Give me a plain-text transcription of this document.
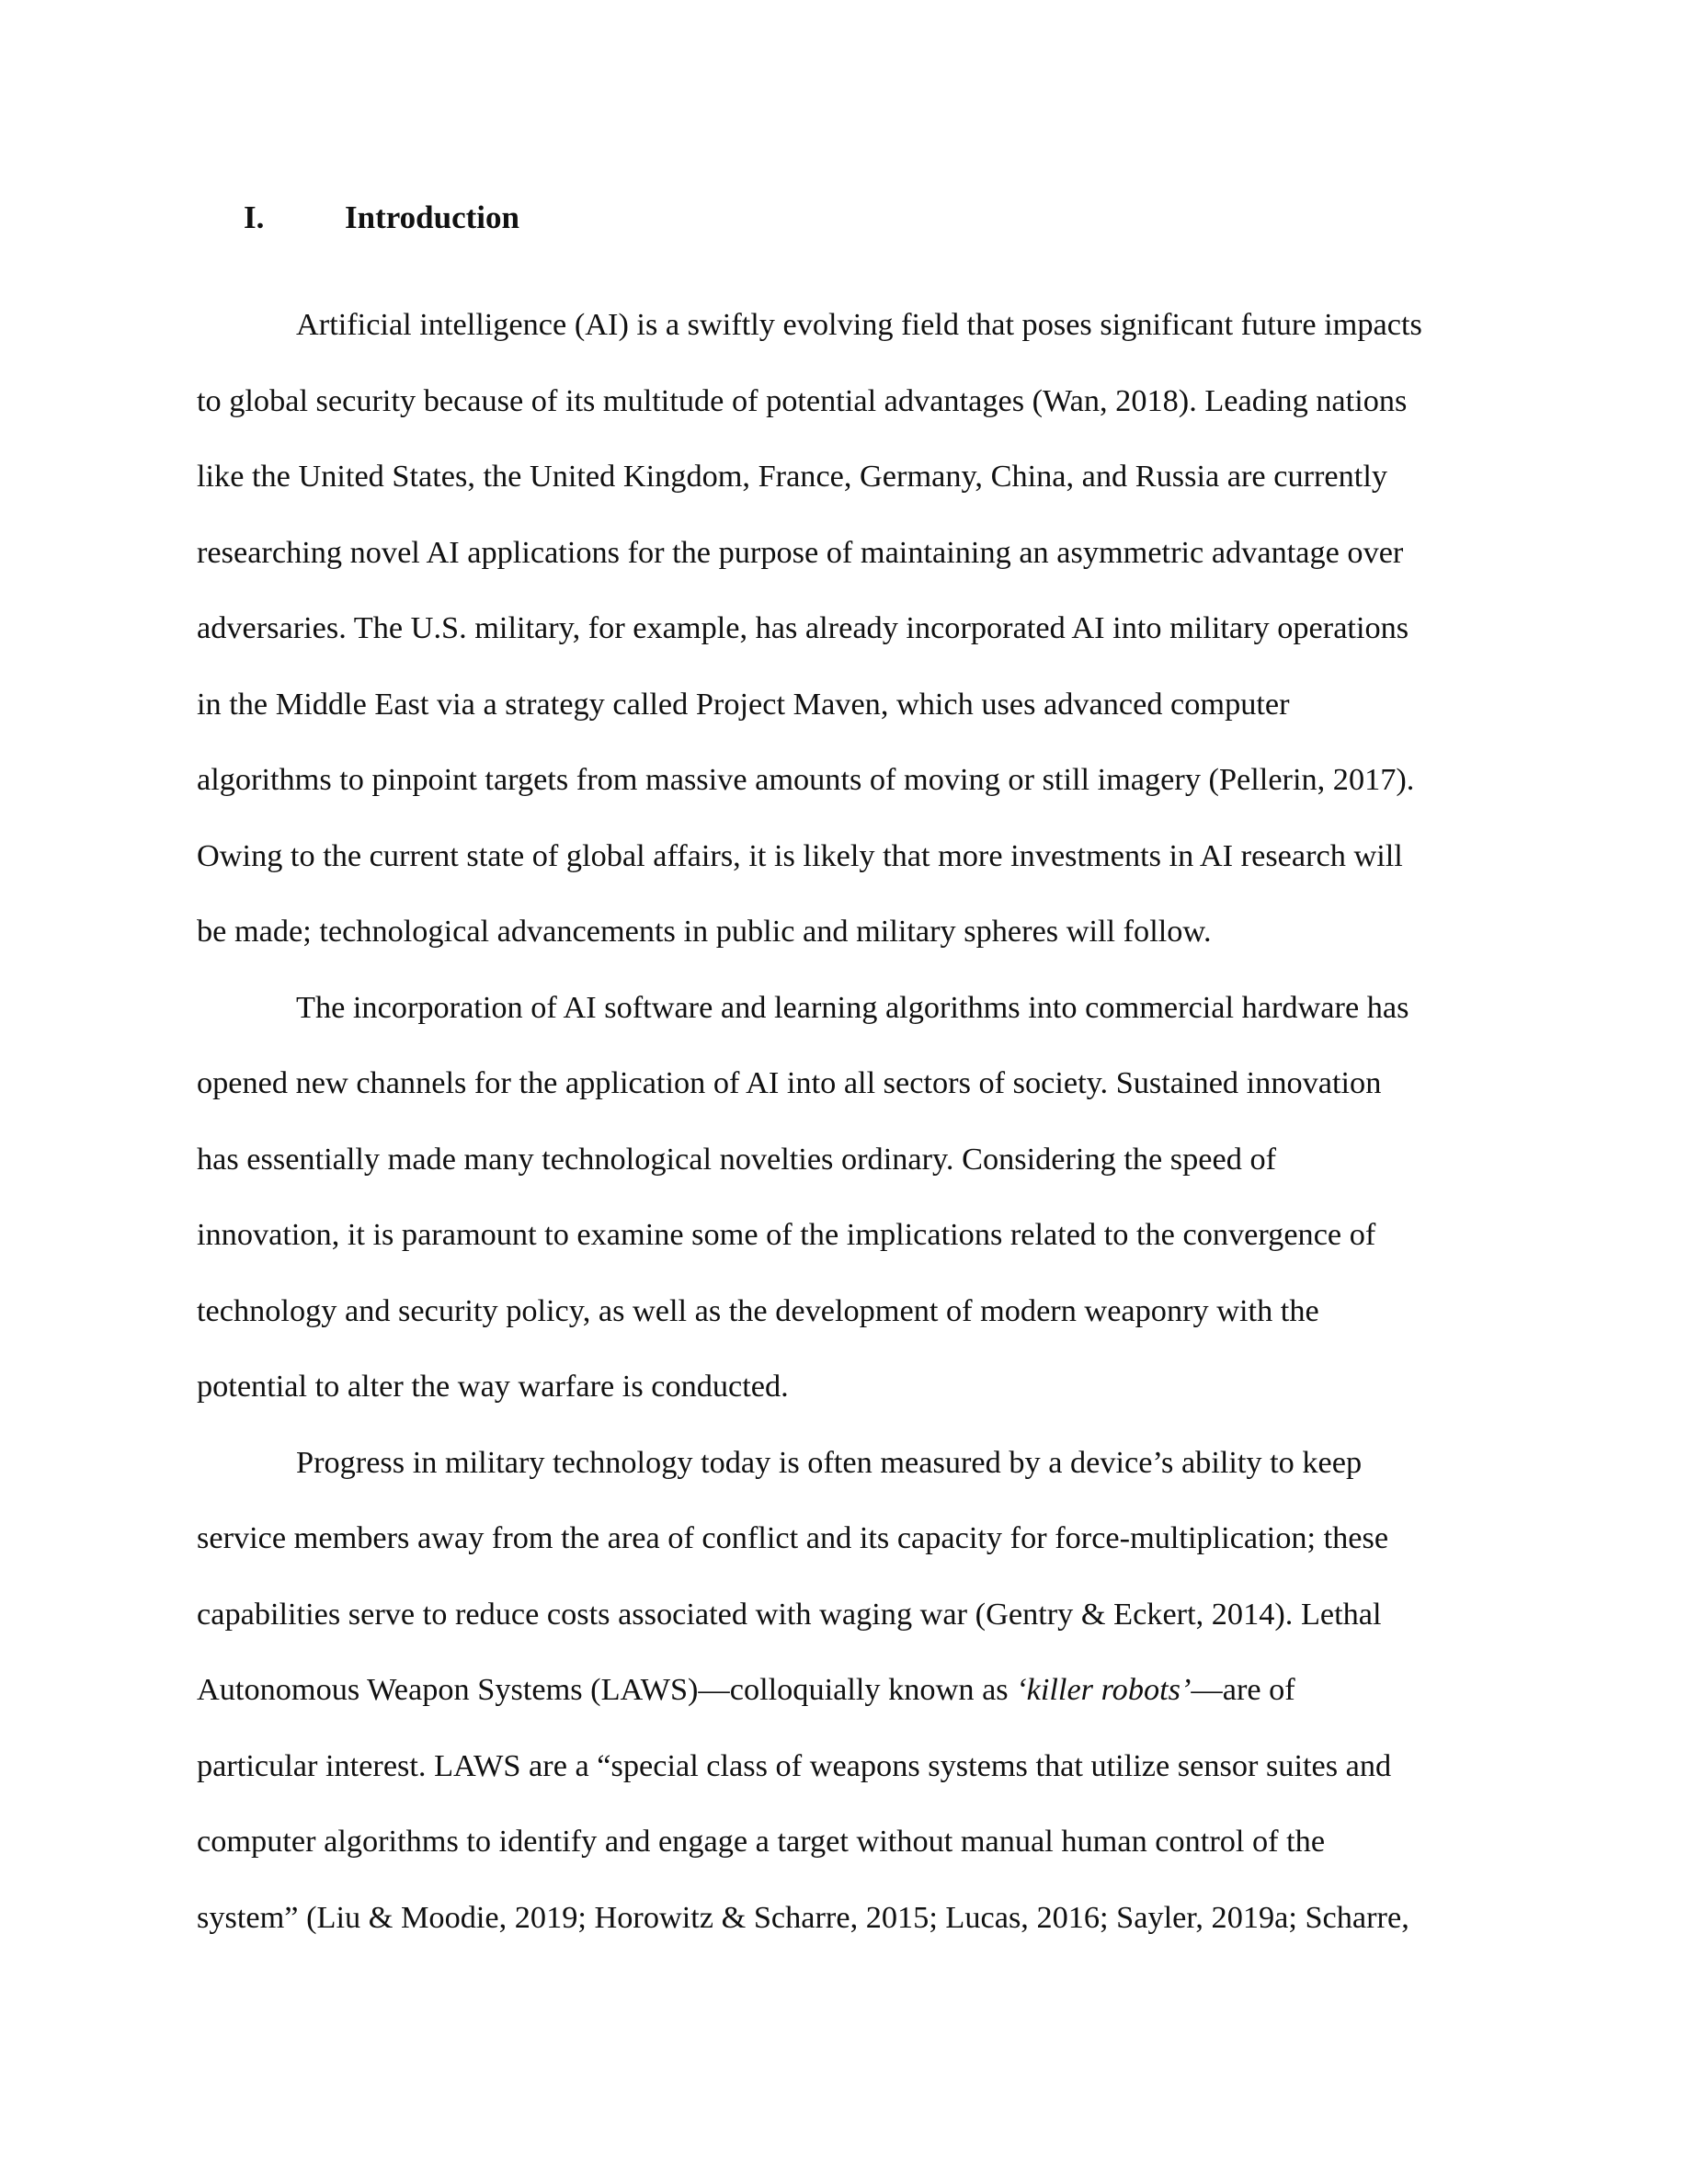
I.	Introduction
Artificial intelligence (AI) is a swiftly evolving field that poses significant future impacts
to global security because of its multitude of potential advantages (Wan, 2018). Leading nations
like the United States, the United Kingdom, France, Germany, China, and Russia are currently
researching novel AI applications for the purpose of maintaining an asymmetric advantage over
adversaries. The U.S. military, for example, has already incorporated AI into military operations
in the Middle East via a strategy called Project Maven, which uses advanced computer
algorithms to pinpoint targets from massive amounts of moving or still imagery (Pellerin, 2017).
Owing to the current state of global affairs, it is likely that more investments in AI research will
be made; technological advancements in public and military spheres will follow.
The incorporation of AI software and learning algorithms into commercial hardware has
opened new channels for the application of AI into all sectors of society. Sustained innovation
has essentially made many technological novelties ordinary. Considering the speed of
innovation, it is paramount to examine some of the implications related to the convergence of
technology and security policy, as well as the development of modern weaponry with the
potential to alter the way warfare is conducted.
Progress in military technology today is often measured by a device’s ability to keep
service members away from the area of conflict and its capacity for force-multiplication; these
capabilities serve to reduce costs associated with waging war (Gentry & Eckert, 2014). Lethal
Autonomous Weapon Systems (LAWS)—colloquially known as ‘killer robots’—are of
particular interest. LAWS are a “special class of weapons systems that utilize sensor suites and
computer algorithms to identify and engage a target without manual human control of the
system” (Liu & Moodie, 2019; Horowitz & Scharre, 2015; Lucas, 2016; Sayler, 2019a; Scharre,
